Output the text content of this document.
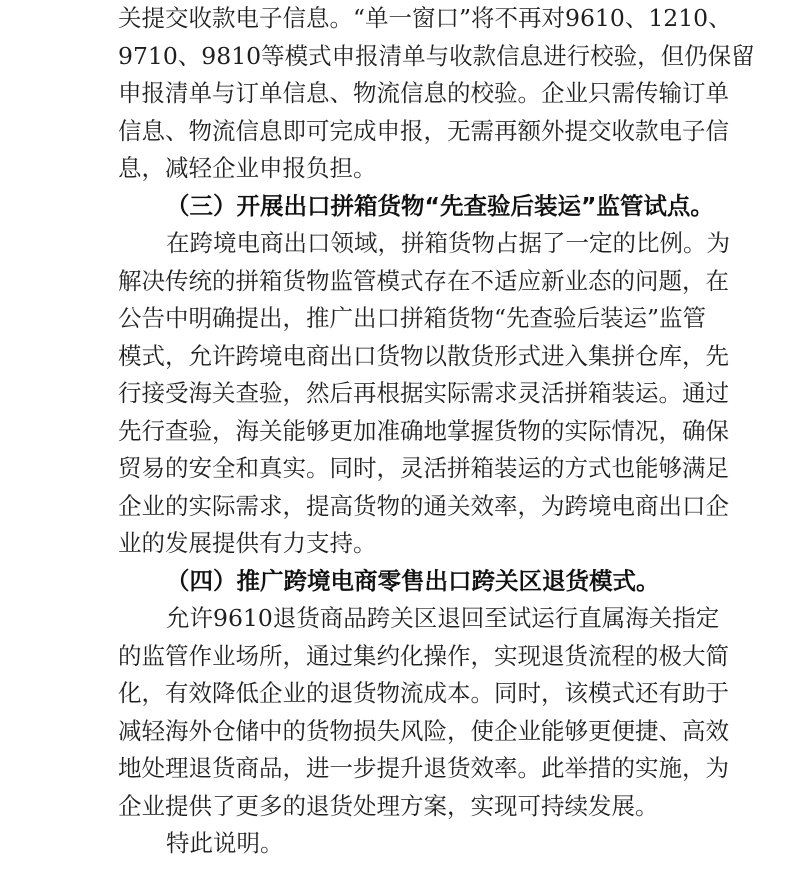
关提交收款电子信息。“单一窗口”将不再对9610、1210、
9710、9810等模式申报清单与收款信息进行校验，但仍保留
申报清单与订单信息、物流信息的校验。企业只需传输订单
信息、物流信息即可完成申报，无需再额外提交收款电子信
息，减轻企业申报负担。
（三）开展出口拼箱货物“先查验后装运”监管试点。
在跨境电商出口领域，拼箱货物占据了一定的比例。为
解决传统的拼箱货物监管模式存在不适应新业态的问题，在
公告中明确提出，推广出口拼箱货物“先查验后装运”监管
模式，允许跨境电商出口货物以散货形式进入集拼仓库，先
行接受海关查验，然后再根据实际需求灵活拼箱装运。通过
先行查验，海关能够更加准确地掌握货物的实际情况，确保
贸易的安全和真实。同时，灵活拼箱装运的方式也能够满足
企业的实际需求，提高货物的通关效率，为跨境电商出口企
业的发展提供有力支持。
（四）推广跨境电商零售出口跨关区退货模式。
允许9610退货商品跨关区退回至试运行直属海关指定
的监管作业场所，通过集约化操作，实现退货流程的极大简
化，有效降低企业的退货物流成本。同时，该模式还有助于
减轻海外仓储中的货物损失风险，使企业能够更便捷、高效
地处理退货商品，进一步提升退货效率。此举措的实施，为
企业提供了更多的退货处理方案，实现可持续发展。
特此说明。
